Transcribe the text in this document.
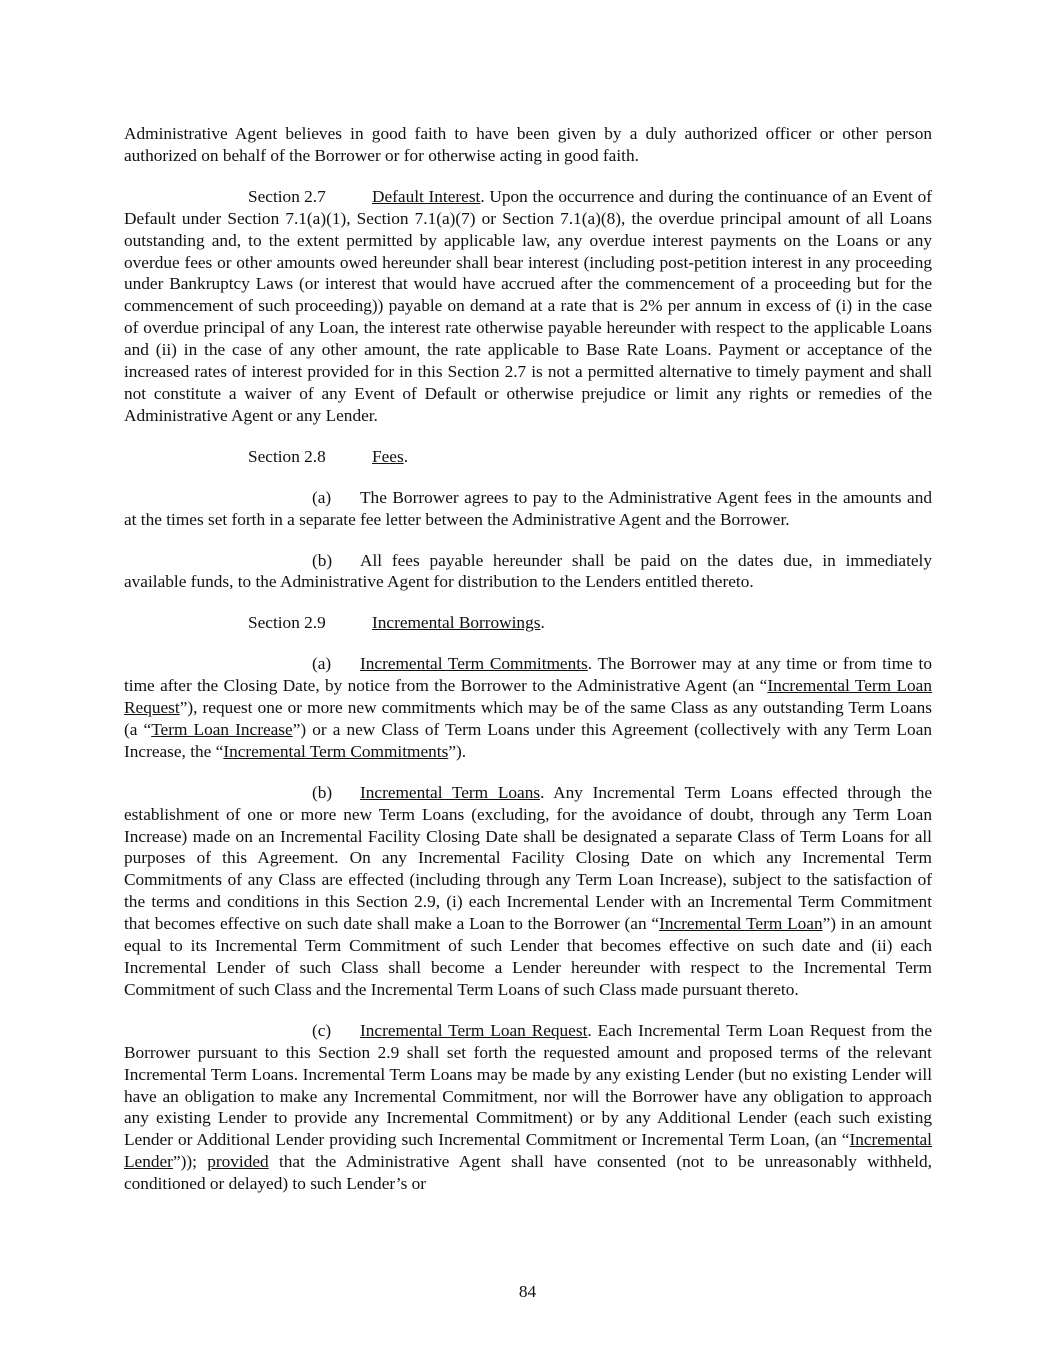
Administrative Agent believes in good faith to have been given by a duly authorized officer or other person authorized on behalf of the Borrower or for otherwise acting in good faith.

Section 2.7	Default Interest. Upon the occurrence and during the continuance of an Event of Default under Section 7.1(a)(1), Section 7.1(a)(7) or Section 7.1(a)(8), the overdue principal amount of all Loans outstanding and, to the extent permitted by applicable law, any overdue interest payments on the Loans or any overdue fees or other amounts owed hereunder shall bear interest (including post-petition interest in any proceeding under Bankruptcy Laws (or interest that would have accrued after the commencement of a proceeding but for the commencement of such proceeding)) payable on demand at a rate that is 2% per annum in excess of (i) in the case of overdue principal of any Loan, the interest rate otherwise payable hereunder with respect to the applicable Loans and (ii) in the case of any other amount, the rate applicable to Base Rate Loans. Payment or acceptance of the increased rates of interest provided for in this Section 2.7 is not a permitted alternative to timely payment and shall not constitute a waiver of any Event of Default or otherwise prejudice or limit any rights or remedies of the Administrative Agent or any Lender.

Section 2.8	Fees.

(a) The Borrower agrees to pay to the Administrative Agent fees in the amounts and at the times set forth in a separate fee letter between the Administrative Agent and the Borrower.

(b) All fees payable hereunder shall be paid on the dates due, in immediately available funds, to the Administrative Agent for distribution to the Lenders entitled thereto.

Section 2.9	Incremental Borrowings.

(a) Incremental Term Commitments. The Borrower may at any time or from time to time after the Closing Date, by notice from the Borrower to the Administrative Agent (an “Incremental Term Loan Request”), request one or more new commitments which may be of the same Class as any outstanding Term Loans (a “Term Loan Increase”) or a new Class of Term Loans under this Agreement (collectively with any Term Loan Increase, the “Incremental Term Commitments”).

(b) Incremental Term Loans. Any Incremental Term Loans effected through the establishment of one or more new Term Loans (excluding, for the avoidance of doubt, through any Term Loan Increase) made on an Incremental Facility Closing Date shall be designated a separate Class of Term Loans for all purposes of this Agreement. On any Incremental Facility Closing Date on which any Incremental Term Commitments of any Class are effected (including through any Term Loan Increase), subject to the satisfaction of the terms and conditions in this Section 2.9, (i) each Incremental Lender with an Incremental Term Commitment that becomes effective on such date shall make a Loan to the Borrower (an “Incremental Term Loan”) in an amount equal to its Incremental Term Commitment of such Lender that becomes effective on such date and (ii) each Incremental Lender of such Class shall become a Lender hereunder with respect to the Incremental Term Commitment of such Class and the Incremental Term Loans of such Class made pursuant thereto.

(c) Incremental Term Loan Request. Each Incremental Term Loan Request from the Borrower pursuant to this Section 2.9 shall set forth the requested amount and proposed terms of the relevant Incremental Term Loans. Incremental Term Loans may be made by any existing Lender (but no existing Lender will have an obligation to make any Incremental Commitment, nor will the Borrower have any obligation to approach any existing Lender to provide any Incremental Commitment) or by any Additional Lender (each such existing Lender or Additional Lender providing such Incremental Commitment or Incremental Term Loan, (an “Incremental Lender”)); provided that the Administrative Agent shall have consented (not to be unreasonably withheld, conditioned or delayed) to such Lender’s or

84
